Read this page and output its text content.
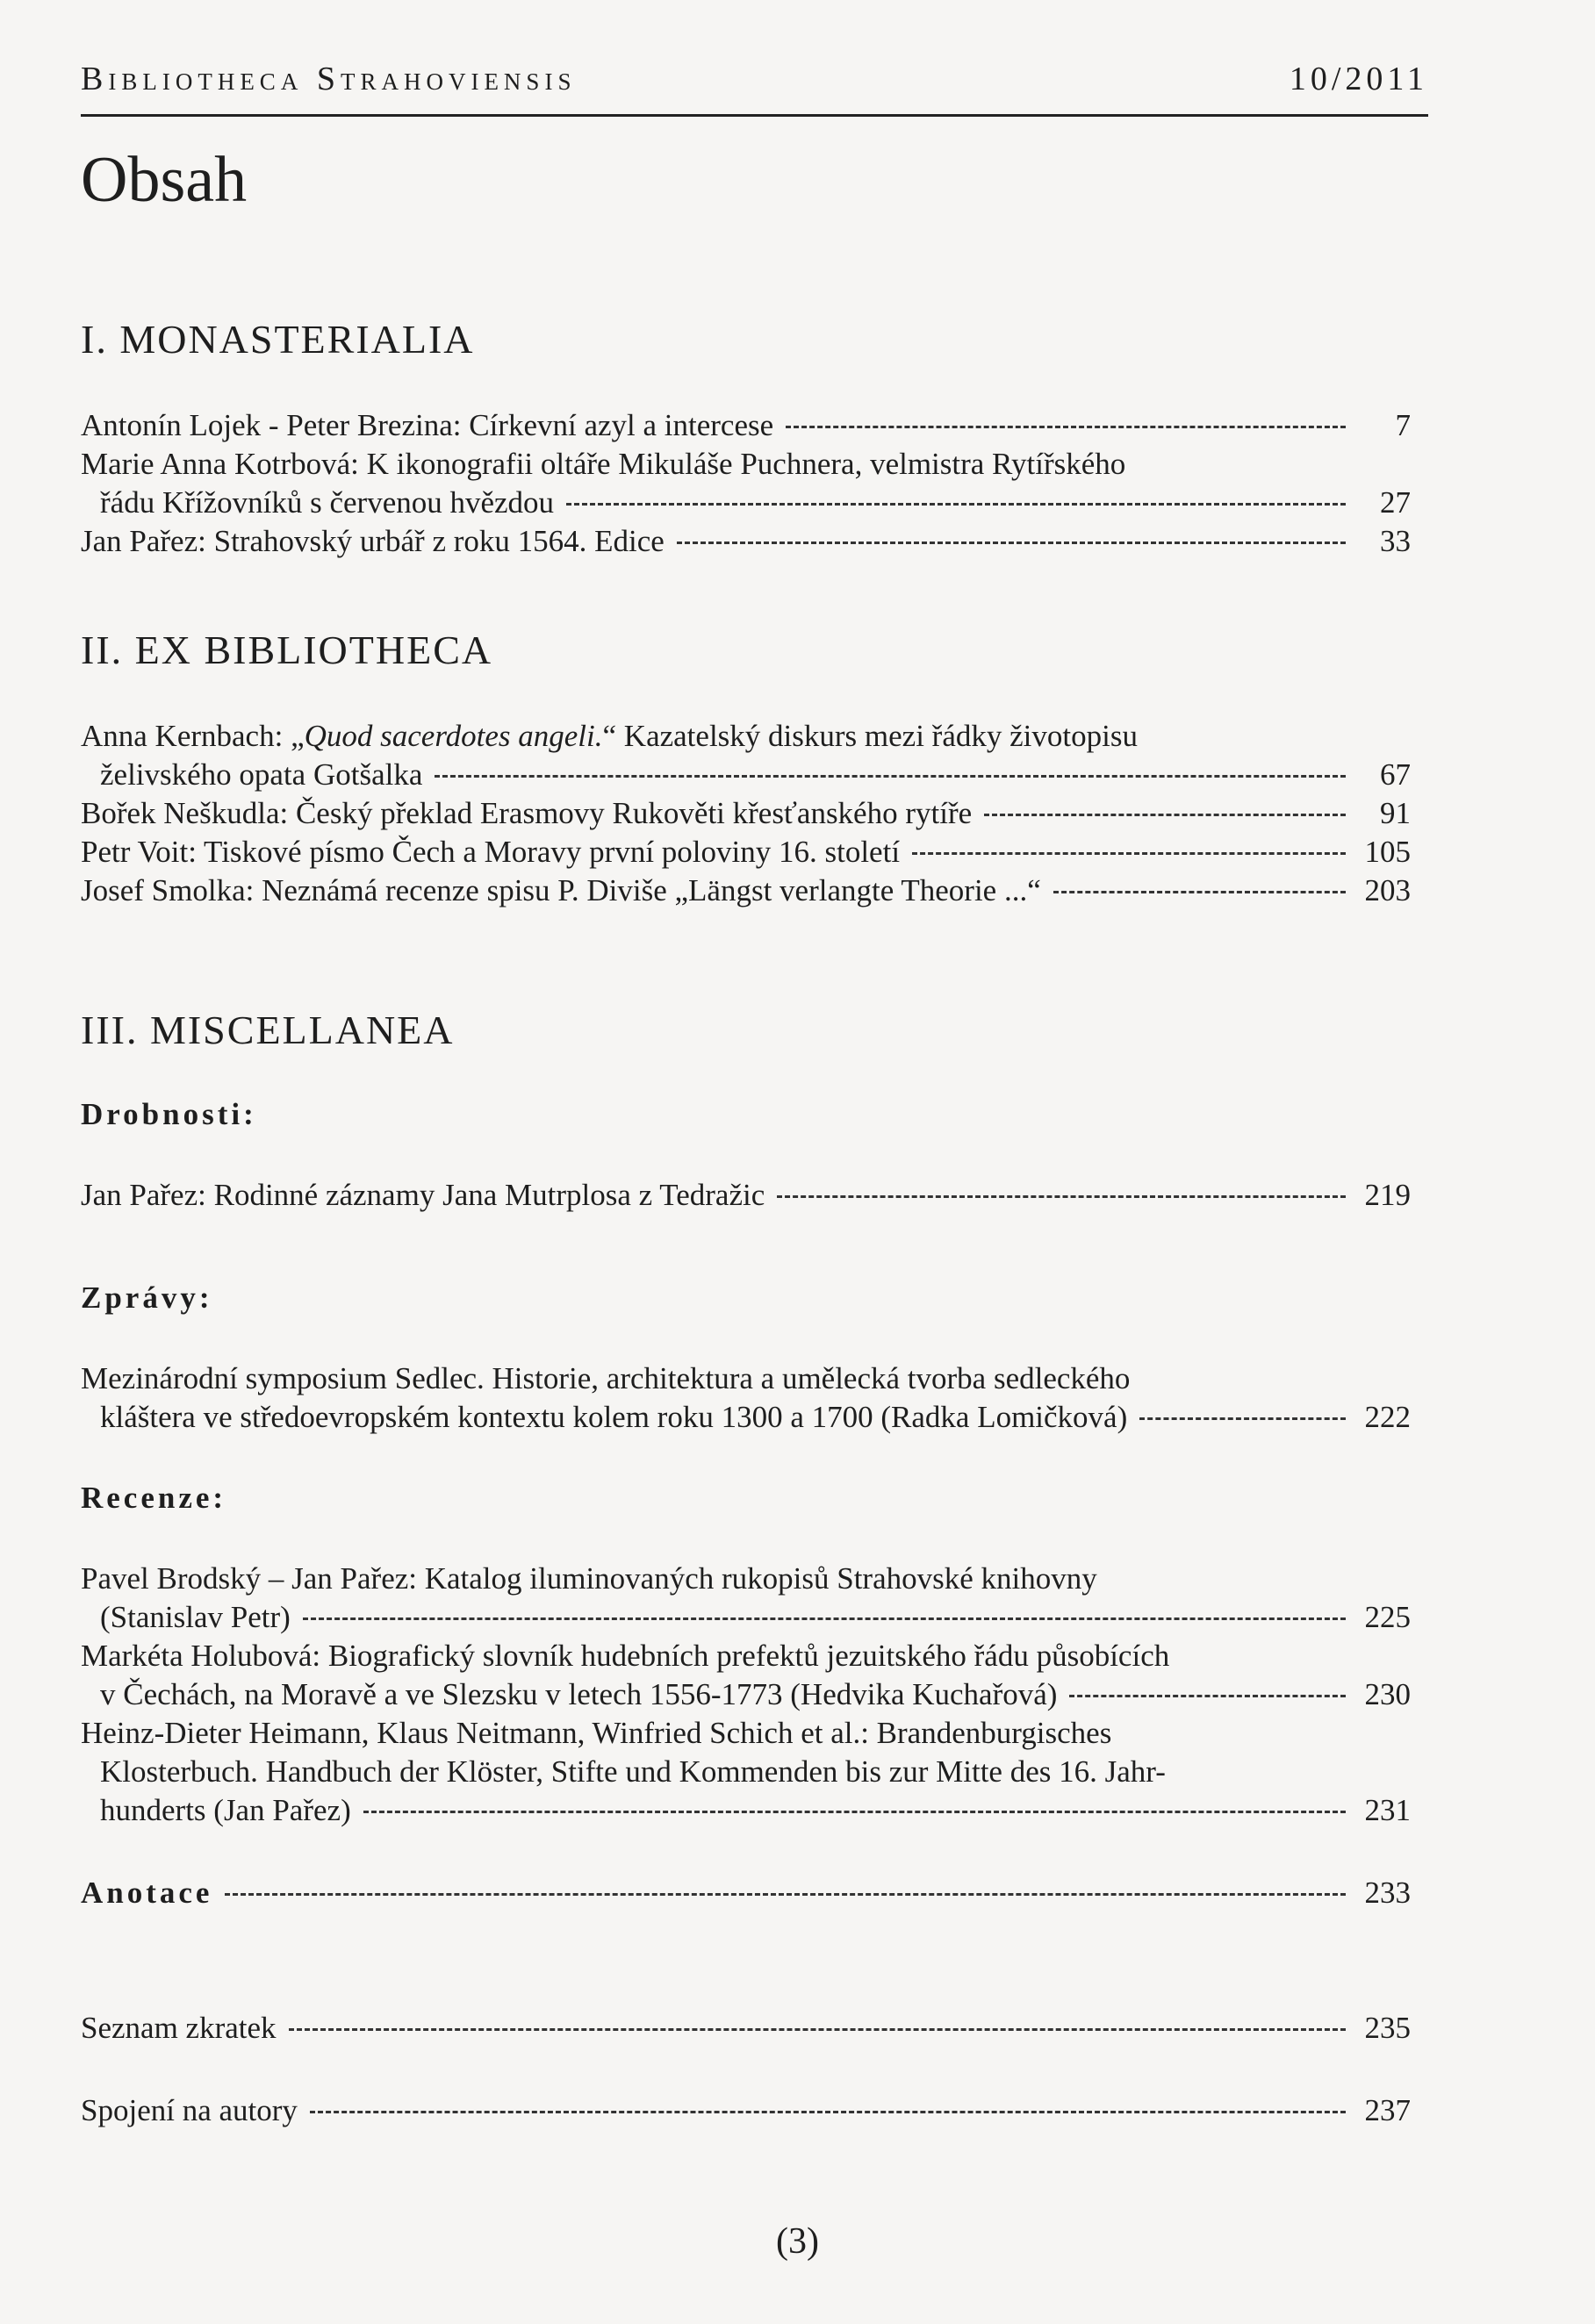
Bibliotheca Strahoviensis	10/2011
Obsah
I. MONASTERIALIA
Antonín Lojek - Peter Brezina: Církevní azyl a intercese	7
Marie Anna Kotrbová: K ikonografii oltáře Mikuláše Puchnera, velmistra Rytířského
řádu Křížovníků s červenou hvězdou	27
Jan Pařez: Strahovský urbář z roku 1564. Edice	33
II. EX BIBLIOTHECA
Anna Kernbach: „Quod sacerdotes angeli.“ Kazatelský diskurs mezi řádky životopisu
želivského opata Gotšalka	67
Bořek Neškudla: Český překlad Erasmovy Rukověti křesťanského rytíře	91
Petr Voit: Tiskové písmo Čech a Moravy první poloviny 16. století	105
Josef Smolka: Neznámá recenze spisu P. Diviše „Längst verlangte Theorie ...“	203
III. MISCELLANEA
Drobnosti:
Jan Pařez: Rodinné záznamy Jana Mutrplosa z Tedražic	219
Zprávy:
Mezinárodní symposium Sedlec. Historie, architektura a umělecká tvorba sedleckého
kláštera ve středoevropském kontextu kolem roku 1300 a 1700 (Radka Lomičková)	222
Recenze:
Pavel Brodský – Jan Pařez: Katalog iluminovaných rukopisů Strahovské knihovny
(Stanislav Petr)	225
Markéta Holubová: Biografický slovník hudebních prefektů jezuitského řádu působících
v Čechách, na Moravě a ve Slezsku v letech 1556-1773 (Hedvika Kuchařová)	230
Heinz-Dieter Heimann, Klaus Neitmann, Winfried Schich et al.: Brandenburgisches
Klosterbuch. Handbuch der Klöster, Stifte und Kommenden bis zur Mitte des 16. Jahr-
hunderts (Jan Pařez)	231
Anotace	233
Seznam zkratek	235
Spojení na autory	237
(3)
